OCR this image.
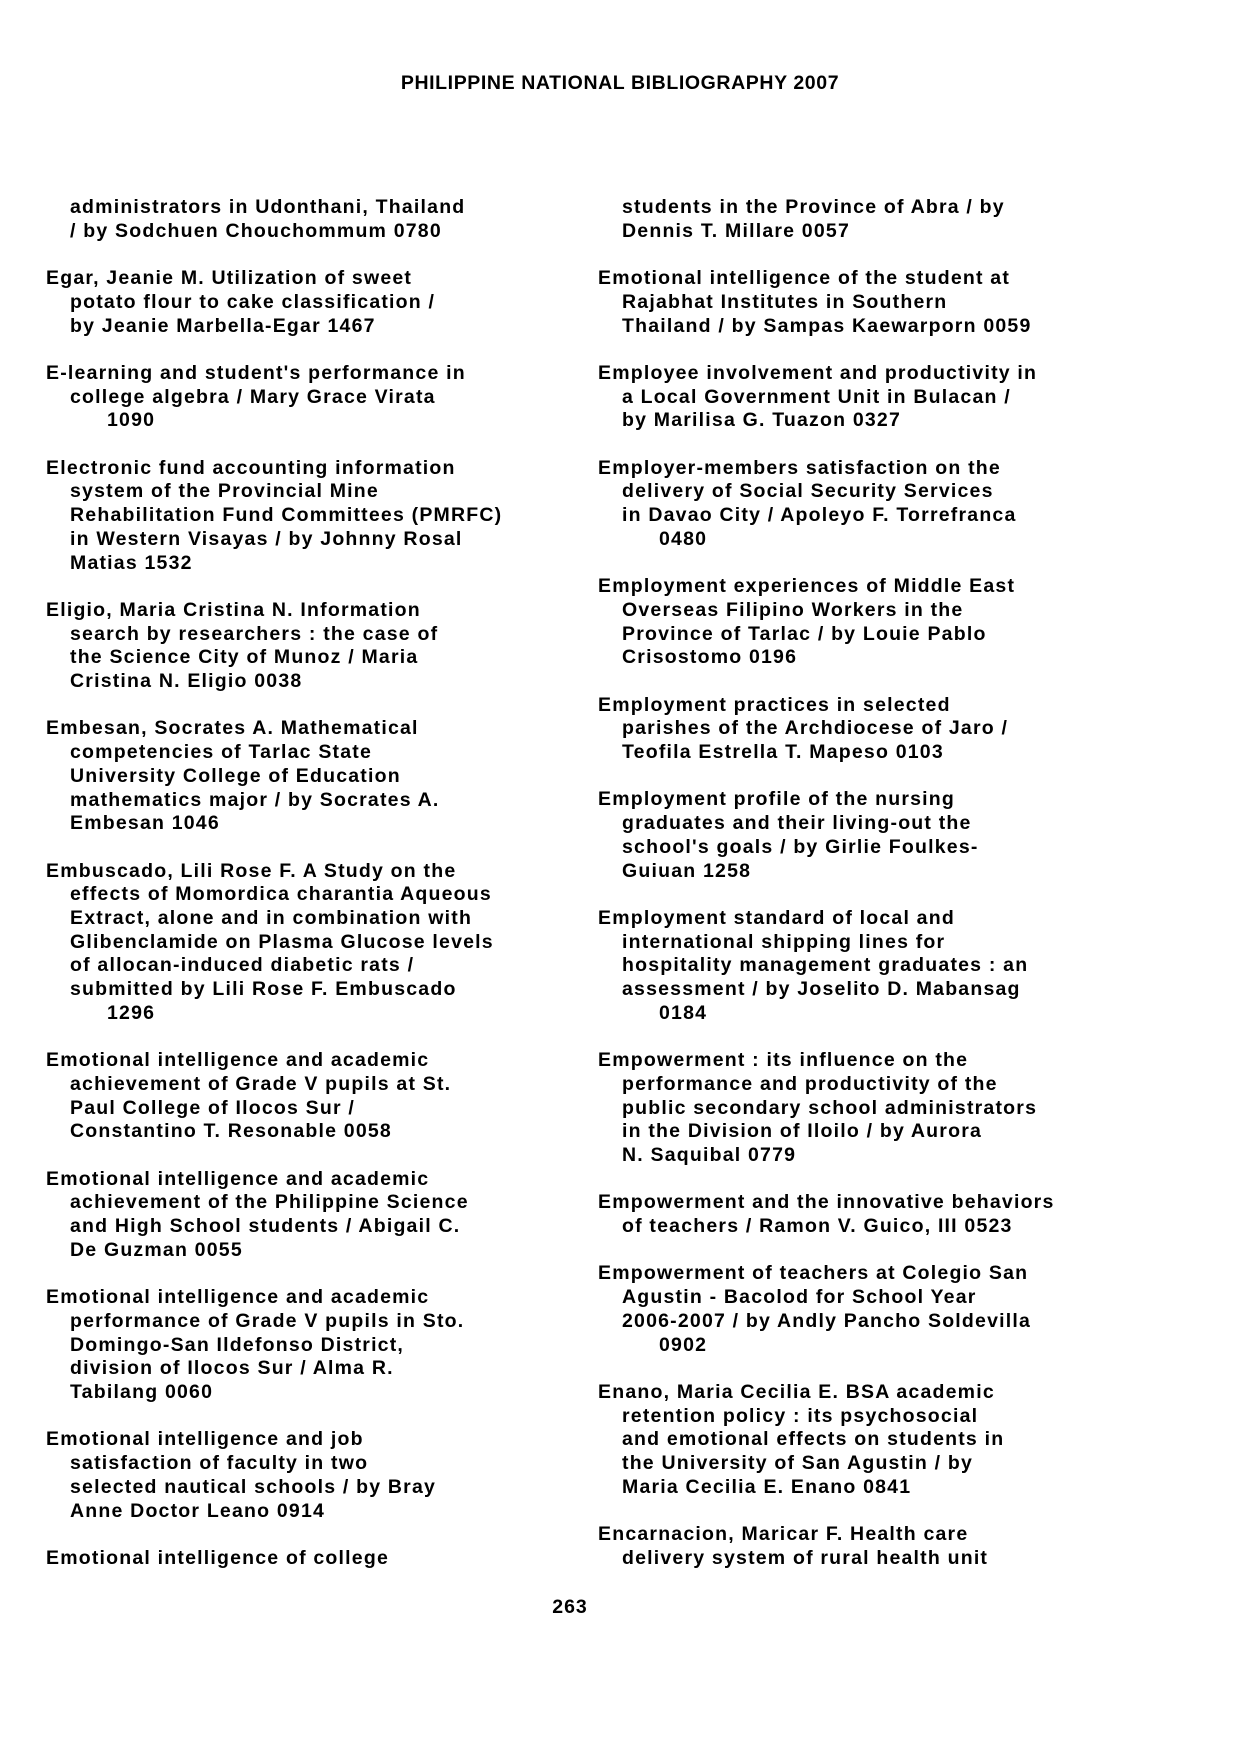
PHILIPPINE NATIONAL BIBLIOGRAPHY 2007
administrators in Udonthani, Thailand
/ by Sodchuen Chouchommum 0780
Egar, Jeanie M. Utilization of sweet
potato flour to cake classification /
by Jeanie Marbella-Egar 1467
E-learning and student's performance in
college algebra / Mary Grace Virata
1090
Electronic fund accounting information
system of the Provincial Mine
Rehabilitation Fund Committees (PMRFC)
in Western Visayas / by Johnny Rosal
Matias 1532
Eligio, Maria Cristina N. Information
search by researchers : the case of
the Science City of Munoz / Maria
Cristina N. Eligio 0038
Embesan, Socrates A. Mathematical
competencies of Tarlac State
University College of Education
mathematics major / by Socrates A.
Embesan 1046
Embuscado, Lili Rose F. A Study on the
effects of Momordica charantia Aqueous
Extract, alone and in combination with
Glibenclamide on Plasma Glucose levels
of allocan-induced diabetic rats /
submitted by Lili Rose F. Embuscado
1296
Emotional intelligence and academic
achievement of Grade V pupils at St.
Paul College of Ilocos Sur /
Constantino T. Resonable 0058
Emotional intelligence and academic
achievement of the Philippine Science
and High School students / Abigail C.
De Guzman 0055
Emotional intelligence and academic
performance of Grade V pupils in Sto.
Domingo-San Ildefonso District,
division of Ilocos Sur / Alma R.
Tabilang 0060
Emotional intelligence and job
satisfaction of faculty in two
selected nautical schools / by Bray
Anne Doctor Leano 0914
Emotional intelligence of college
students in the Province of Abra / by
Dennis T. Millare 0057
Emotional intelligence of the student at
Rajabhat Institutes in Southern
Thailand / by Sampas Kaewarporn 0059
Employee involvement and productivity in
a Local Government Unit in Bulacan /
by Marilisa G. Tuazon 0327
Employer-members satisfaction on the
delivery of Social Security Services
in Davao City / Apoleyo F. Torrefranca
0480
Employment experiences of Middle East
Overseas Filipino Workers in the
Province of Tarlac / by Louie Pablo
Crisostomo 0196
Employment practices in selected
parishes of the Archdiocese of Jaro /
Teofila Estrella T. Mapeso 0103
Employment profile of the nursing
graduates and their living-out the
school's goals / by Girlie Foulkes-
Guiuan 1258
Employment standard of local and
international shipping lines for
hospitality management graduates : an
assessment / by Joselito D. Mabansag
0184
Empowerment : its influence on the
performance and productivity of the
public secondary school administrators
in the Division of Iloilo / by Aurora
N. Saquibal 0779
Empowerment and the innovative behaviors
of teachers / Ramon V. Guico, III 0523
Empowerment of teachers at Colegio San
Agustin - Bacolod for School Year
2006-2007 / by Andly Pancho Soldevilla
0902
Enano, Maria Cecilia E. BSA academic
retention policy : its psychosocial
and emotional effects on students in
the University of San Agustin / by
Maria Cecilia E. Enano 0841
Encarnacion, Maricar F. Health care
delivery system of rural health unit
263
